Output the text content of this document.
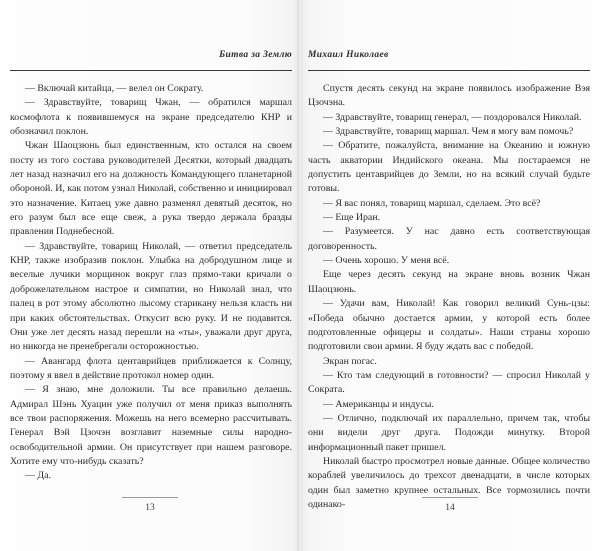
Битва за Землю

— Включай китайца, — велел он Сократу.

— Здравствуйте, товарищ Чжан, — обратился маршал космофлота к появившемуся на экране председателю КНР и обозначил поклон.

Чжан Шаоцзюнь был единственным, кто остался на своем посту из того состава руководителей Десятки, который двадцать лет назад назначил его на должность Командующего планетарной обороной. И, как потом узнал Николай, собственно и инициировал это назначение. Китаец уже давно разменял девятый десяток, но его разум был все еще свеж, а рука твердо держала бразды правления Поднебесной.

— Здравствуйте, товарищ Николай, — ответил председатель КНР, также изобразив поклон. Улыбка на добродушном лице и веселые лучики морщинок вокруг глаз прямо-таки кричали о доброжелательном настрое и симпатии, но Николай знал, что палец в рот этому абсолютно лысому старикану нельзя класть ни при каких обстоятельствах. Откусит всю руку. И не подавится. Они уже лет десять назад перешли на «ты», уважали друг друга, но никогда не пренебрегали осторожностью.

— Авангард флота центаврийцев приближается к Солнцу, поэтому я ввел в действие протокол номер один.

— Я знаю, мне доложили. Ты все правильно делаешь. Адмирал Шэнь Хуацин уже получил от меня приказ выполнять все твои распоряжения. Можешь на него всемерно рассчитывать. Генерал Вэй Цзочэн возглавит наземные силы народно-освободительной армии. Он присутствует при нашем разговоре. Хотите ему что-нибудь сказать?

— Да.

13
Михаил Николаев

Спустя десять секунд на экране появилось изображение Вэя Цзочэна.

— Здравствуйте, товарищ генерал, — поздоровался Николай.

— Здравствуйте, товарищ маршал. Чем я могу вам помочь?

— Обратите, пожалуйста, внимание на Океанию и южную часть акватории Индийского океана. Мы постараемся не допустить центаврийцев до Земли, но на всякий случай будьте готовы.

— Я вас понял, товарищ маршал, сделаем. Это всё?

— Еще Иран.

— Разумеется. У нас давно есть соответствующая договоренность.

— Очень хорошо. У меня всё.

Еще через десять секунд на экране вновь возник Чжан Шаоцзюнь.

— Удачи вам, Николай! Как говорил великий Сунь-цзы: «Победа обычно достается армии, у которой есть более подготовленные офицеры и солдаты». Наши страны хорошо подготовили свои армии. Я буду ждать вас с победой.

Экран погас.

— Кто там следующий в готовности? — спросил Николай у Сократа.

— Американцы и индусы.

— Отлично, подключай их параллельно, причем так, чтобы они видели друг друга. Подожди минутку. Второй информационный пакет пришел.

Николай быстро просмотрел новые данные. Общее количество кораблей увеличилось до трехсот двенадцати, в числе которых один был заметно крупнее остальных. Все тормозились почти одинако-	14
